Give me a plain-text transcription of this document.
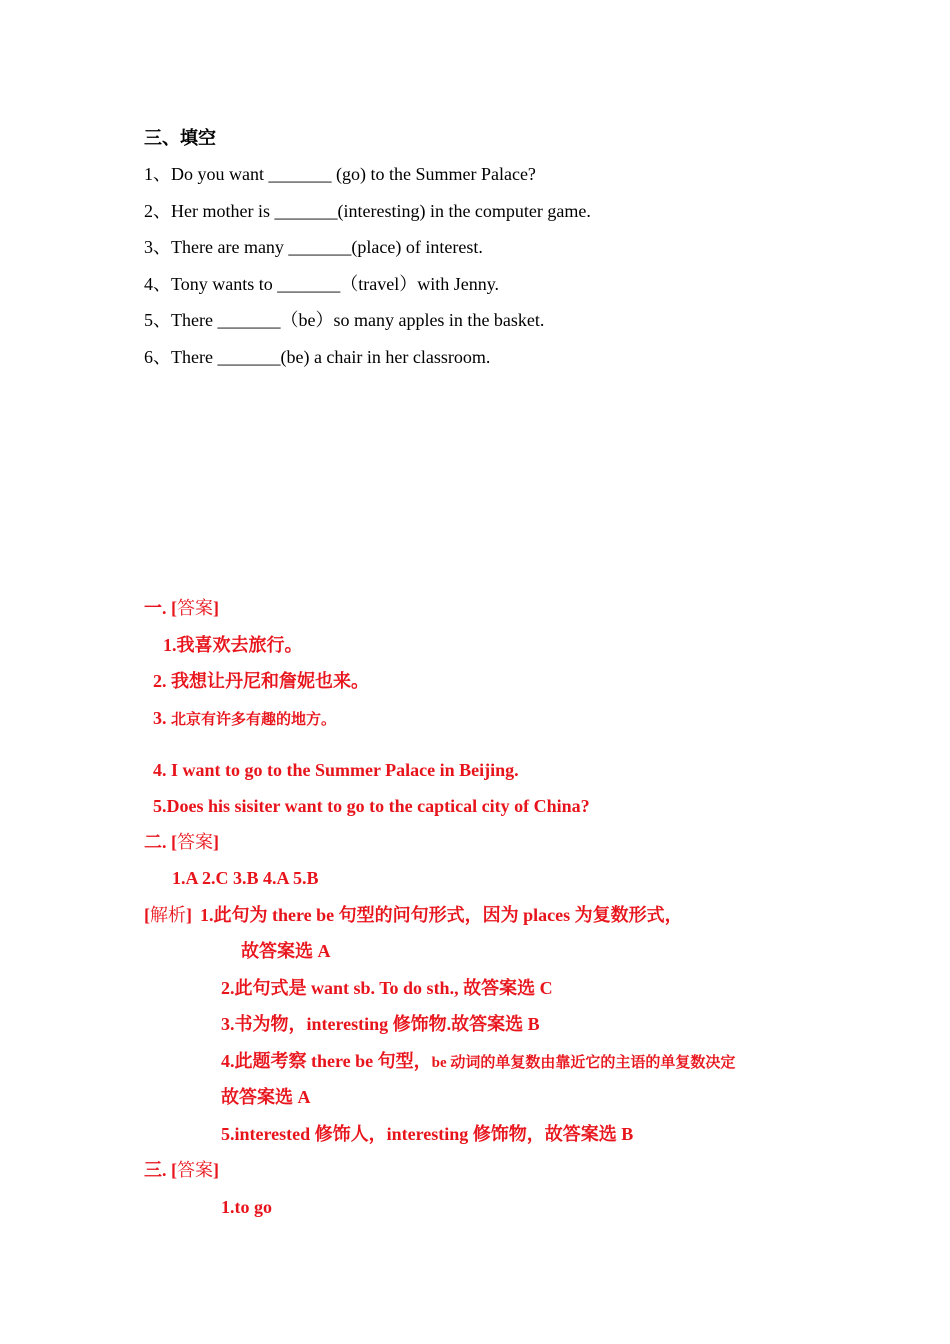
三、填空
1、Do you want _______ (go) to the Summer Palace?
2、Her mother is _______(interesting) in the computer game.
3、There are many _______(place) of interest.
4、Tony wants to _______（travel）with Jenny.
5、There _______（be）so many apples in the basket.
6、There _______(be) a chair in her classroom.
一. [答案]
1.我喜欢去旅行。
2. 我想让丹尼和詹妮也来。
3. 北京有许多有趣的地方。
4. I want to go to the Summer Palace in Beijing.
5.Does his sisiter want to go to the captical city of China?
二. [答案]
1.A 2.C 3.B 4.A 5.B
[解析] 1.此句为 there be 句型的问句形式，因为 places 为复数形式，
故答案选 A
2.此句式是 want sb. To do sth., 故答案选 C
3.书为物，interesting 修饰物.故答案选 B
4.此题考察 there be 句型，be 动词的单复数由靠近它的主语的单复数决定
故答案选 A
5.interested 修饰人，interesting 修饰物，故答案选 B
三. [答案]
1.to go
